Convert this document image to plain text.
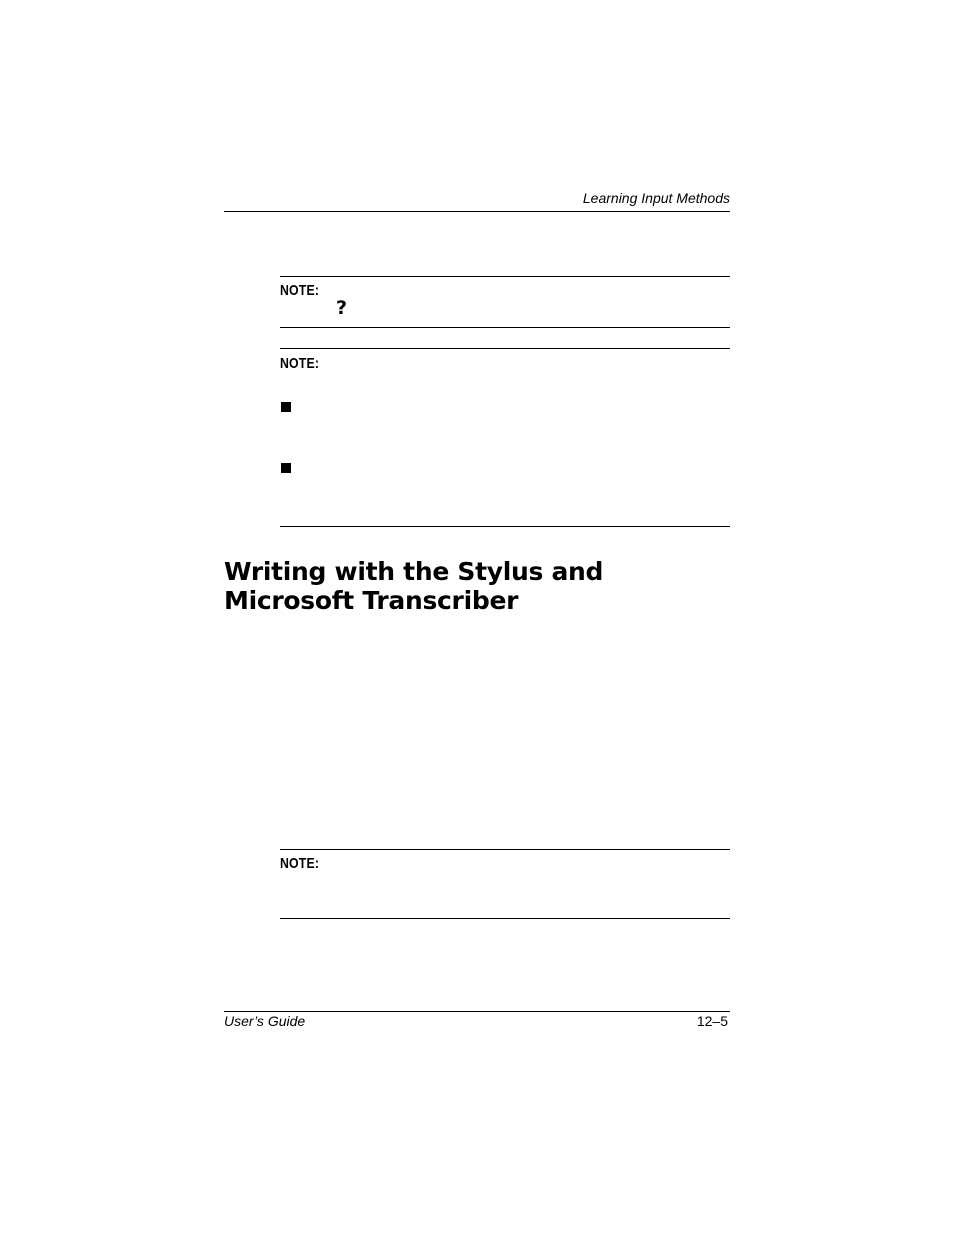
Learning Input Methods
NOTE:
?
NOTE:
Writing with the Stylus and
Microsoft Transcriber
NOTE:
User’s Guide	12–5
